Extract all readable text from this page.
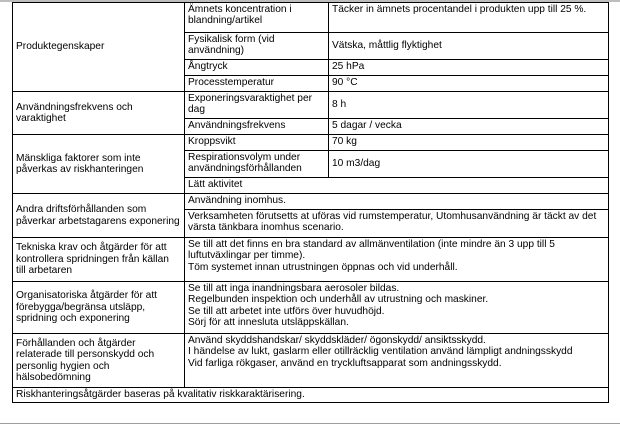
Produktegenskaper	Ämnets koncentration i blandning/artikel	Täcker in ämnets procentandel i produkten upp till 25 %.
	Fysikalisk form (vid användning)	Vätska, måttlig flyktighet
	Ångtryck	25 hPa
	Processtemperatur	90 °C
Användningsfrekvens och varaktighet	Exponeringsvaraktighet per dag	8 h
	Användningsfrekvens	5 dagar / vecka
Mänskliga faktorer som inte påverkas av riskhanteringen	Kroppsvikt	70 kg
	Respirationsvolym under användningsförhållanden	10 m3/dag
	Lätt aktivitet	
Andra driftsförhållanden som påverkar arbetstagarens exponering	Användning inomhus.	
	Verksamheten förutsetts at uföras vid rumstemperatur, Utomhusanvändning är täckt av det värsta tänkbara inomhus scenario.	
Tekniska krav och åtgärder för att kontrollera spridningen från källan till arbetaren	Se till att det finns en bra standard av allmänventilation (inte mindre än 3 upp till 5 luftutväxlingar per timme).
Töm systemet innan utrustningen öppnas och vid underhåll.	

Organisatoriska åtgärder för att förebygga/begränsa utsläpp, spridning och exponering	Se till att inga inandningsbara aerosoler bildas.
Regelbunden inspektion och underhåll av utrustning och maskiner.
Se till att arbetet inte utförs över huvudhöjd.
Sörj för att innesluta utsläppskällan.	

Förhållanden och åtgärder relaterade till personskydd och personlig hygien och hälsobedömning	Använd skyddshandskar/ skyddskläder/ ögonskydd/ ansiktsskydd.
I händelse av lukt, gaslarm eller otillräcklig ventilation använd lämpligt andningsskydd
Vid farliga rökgaser, använd en tryckluftsapparat som andningsskydd.	

Riskhanteringsåtgärder baseras på kvalitativ riskkaraktärisering.		
